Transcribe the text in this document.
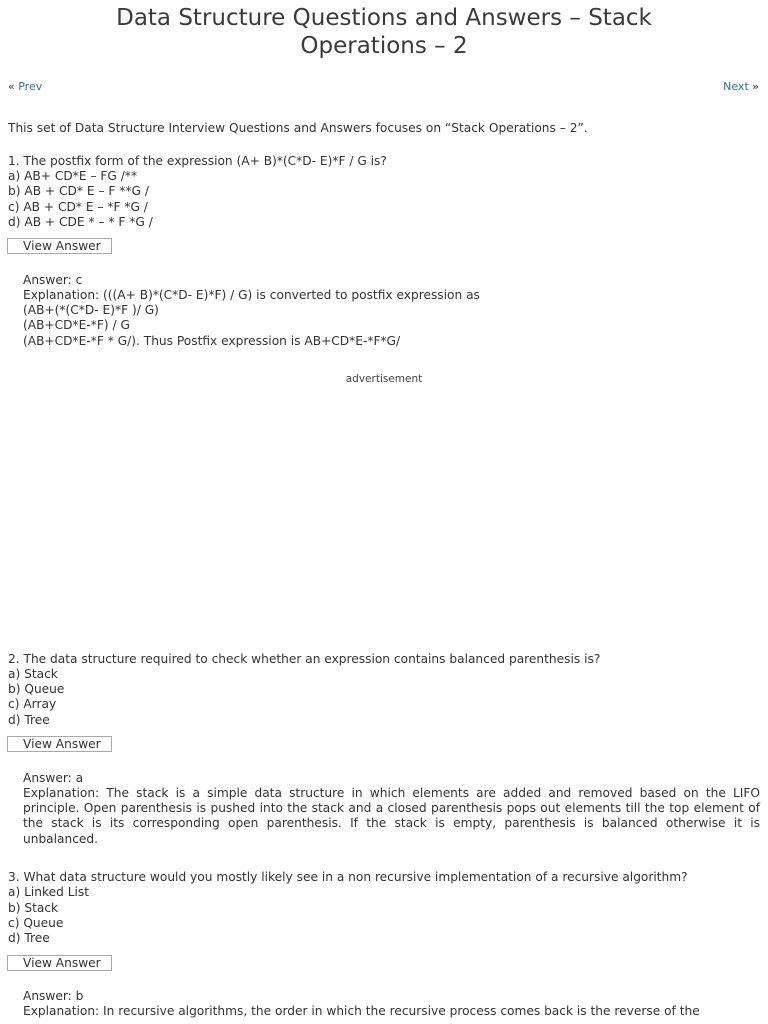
Data Structure Questions and Answers – Stack
Operations – 2
« Prev	Next »

This set of Data Structure Interview Questions and Answers focuses on “Stack Operations – 2”.

1. The postfix form of the expression (A+ B)*(C*D- E)*F / G is?

a) AB+ CD*E – FG /**

b) AB + CD* E – F **G /

c) AB + CD* E – *F *G /

d) AB + CDE * – * F *G /

View Answer

Answer: c

Explanation: (((A+ B)*(C*D- E)*F) / G) is converted to postfix expression as

(AB+(*(C*D- E)*F )/ G)

(AB+CD*E-*F) / G

(AB+CD*E-*F * G/). Thus Postfix expression is AB+CD*E-*F*G/

advertisement

2. The data structure required to check whether an expression contains balanced parenthesis is?

a) Stack

b) Queue

c) Array

d) Tree

View Answer

Answer: a

Explanation: The stack is a simple data structure in which elements are added and removed based on the LIFO principle. Open parenthesis is pushed into the stack and a closed parenthesis pops out elements till the top element of the stack is its corresponding open parenthesis. If the stack is empty, parenthesis is balanced otherwise it is unbalanced.

3. What data structure would you mostly likely see in a non recursive implementation of a recursive algorithm?

a) Linked List

b) Stack

c) Queue

d) Tree

View Answer

Answer: b

Explanation: In recursive algorithms, the order in which the recursive process comes back is the reverse of the
